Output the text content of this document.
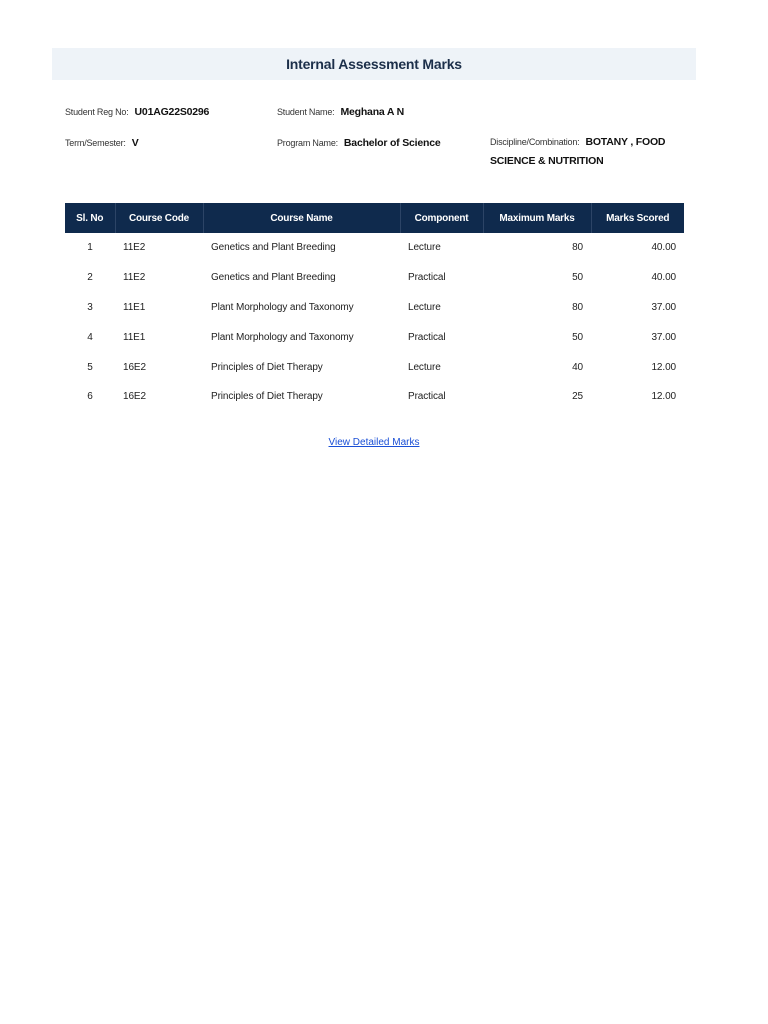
Internal Assessment Marks
Student Reg No: U01AG22S0296	Student Name: Meghana A N
Term/Semester: V	Program Name: Bachelor of Science	Discipline/Combination: BOTANY , FOOD SCIENCE & NUTRITION
Sl. No	Course Code	Course Name	Component	Maximum Marks	Marks Scored
1	11E2	Genetics and Plant Breeding	Lecture	80	40.00
2	11E2	Genetics and Plant Breeding	Practical	50	40.00
3	11E1	Plant Morphology and Taxonomy	Lecture	80	37.00
4	11E1	Plant Morphology and Taxonomy	Practical	50	37.00
5	16E2	Principles of Diet Therapy	Lecture	40	12.00
6	16E2	Principles of Diet Therapy	Practical	25	12.00
View Detailed Marks
